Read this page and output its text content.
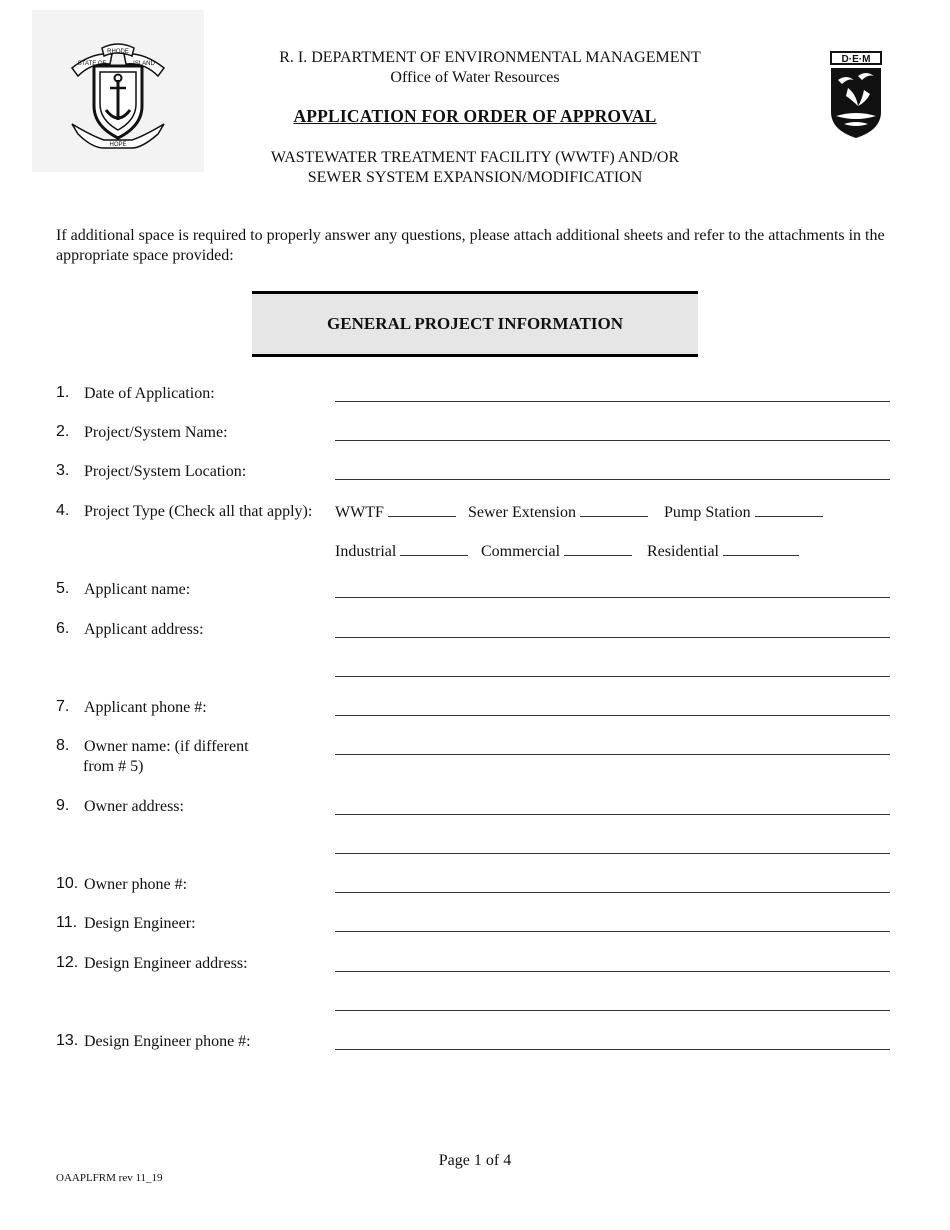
RHODE
STATE OF	ISLAND
HOPE
D·E·M
R. I. DEPARTMENT OF ENVIRONMENTAL MANAGEMENT
Office of Water Resources
APPLICATION FOR ORDER OF APPROVAL
WASTEWATER TREATMENT FACILITY (WWTF) AND/OR
SEWER SYSTEM EXPANSION/MODIFICATION
If additional space is required to properly answer any questions, please attach additional sheets and refer to the attachments in the appropriate space provided:
GENERAL PROJECT INFORMATION
1. Date of Application:
2. Project/System Name:
3. Project/System Location:
4. Project Type (Check all that apply): WWTF	Sewer Extension	Pump Station
Industrial	Commercial	Residential
5. Applicant name:
6. Applicant address:
7. Applicant phone #:
8. Owner name: (if different
from # 5)
9. Owner address:
10. Owner phone #:
11. Design Engineer:
12. Design Engineer address:
13. Design Engineer phone #:
Page 1 of 4
OAAPLFRM rev 11_19
